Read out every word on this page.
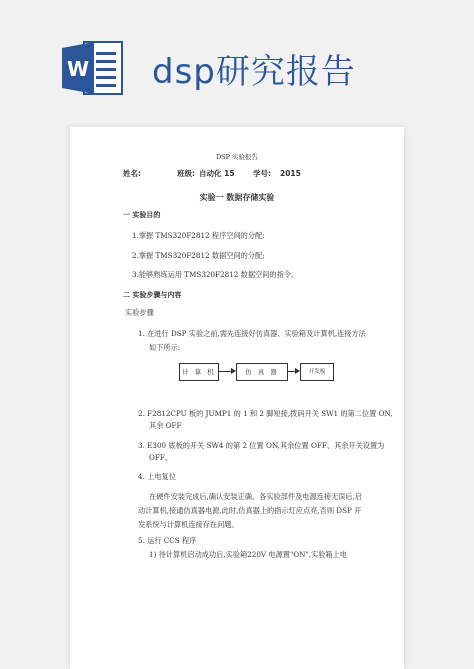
W dsp研究报告

DSP 实验报告
姓名:	班级: 自动化 15 学号: 2015
实验一 数据存储实验
一 实验目的
1.掌握 TMS320F2812 程序空间的分配;
2.掌握 TMS320F2812 数据空间的分配;
3.能够熟练运用 TMS320F2812 数据空间的指令。
二 实验步骤与内容
实验步骤
1. 在进行 DSP 实验之前,需先连接好仿真器、实验箱及计算机,连接方法
如下所示:
计 算 机	仿 真 器	开发板
2. F2812CPU 板的 JUMP1 的 1 和 2 脚短接,拨码开关 SW1 的第二位置 ON,
其余 OFF
3. E300 底板的开关 SW4 的第 2 位置 ON,其余位置 OFF、其余开关设置为
OFF。
4. 上电复位
在硬件安装完成后,确认安装正确、各实验部件及电源连接无误后,启
动计算机,接通仿真器电源,此时,仿真器上的指示灯应点亮,否则 DSP 开
发系统与计算机连接存在问题。
5. 运行 CCS 程序
1) 待计算机启动成功后,实验箱220V 电源置"ON",实验箱上电
